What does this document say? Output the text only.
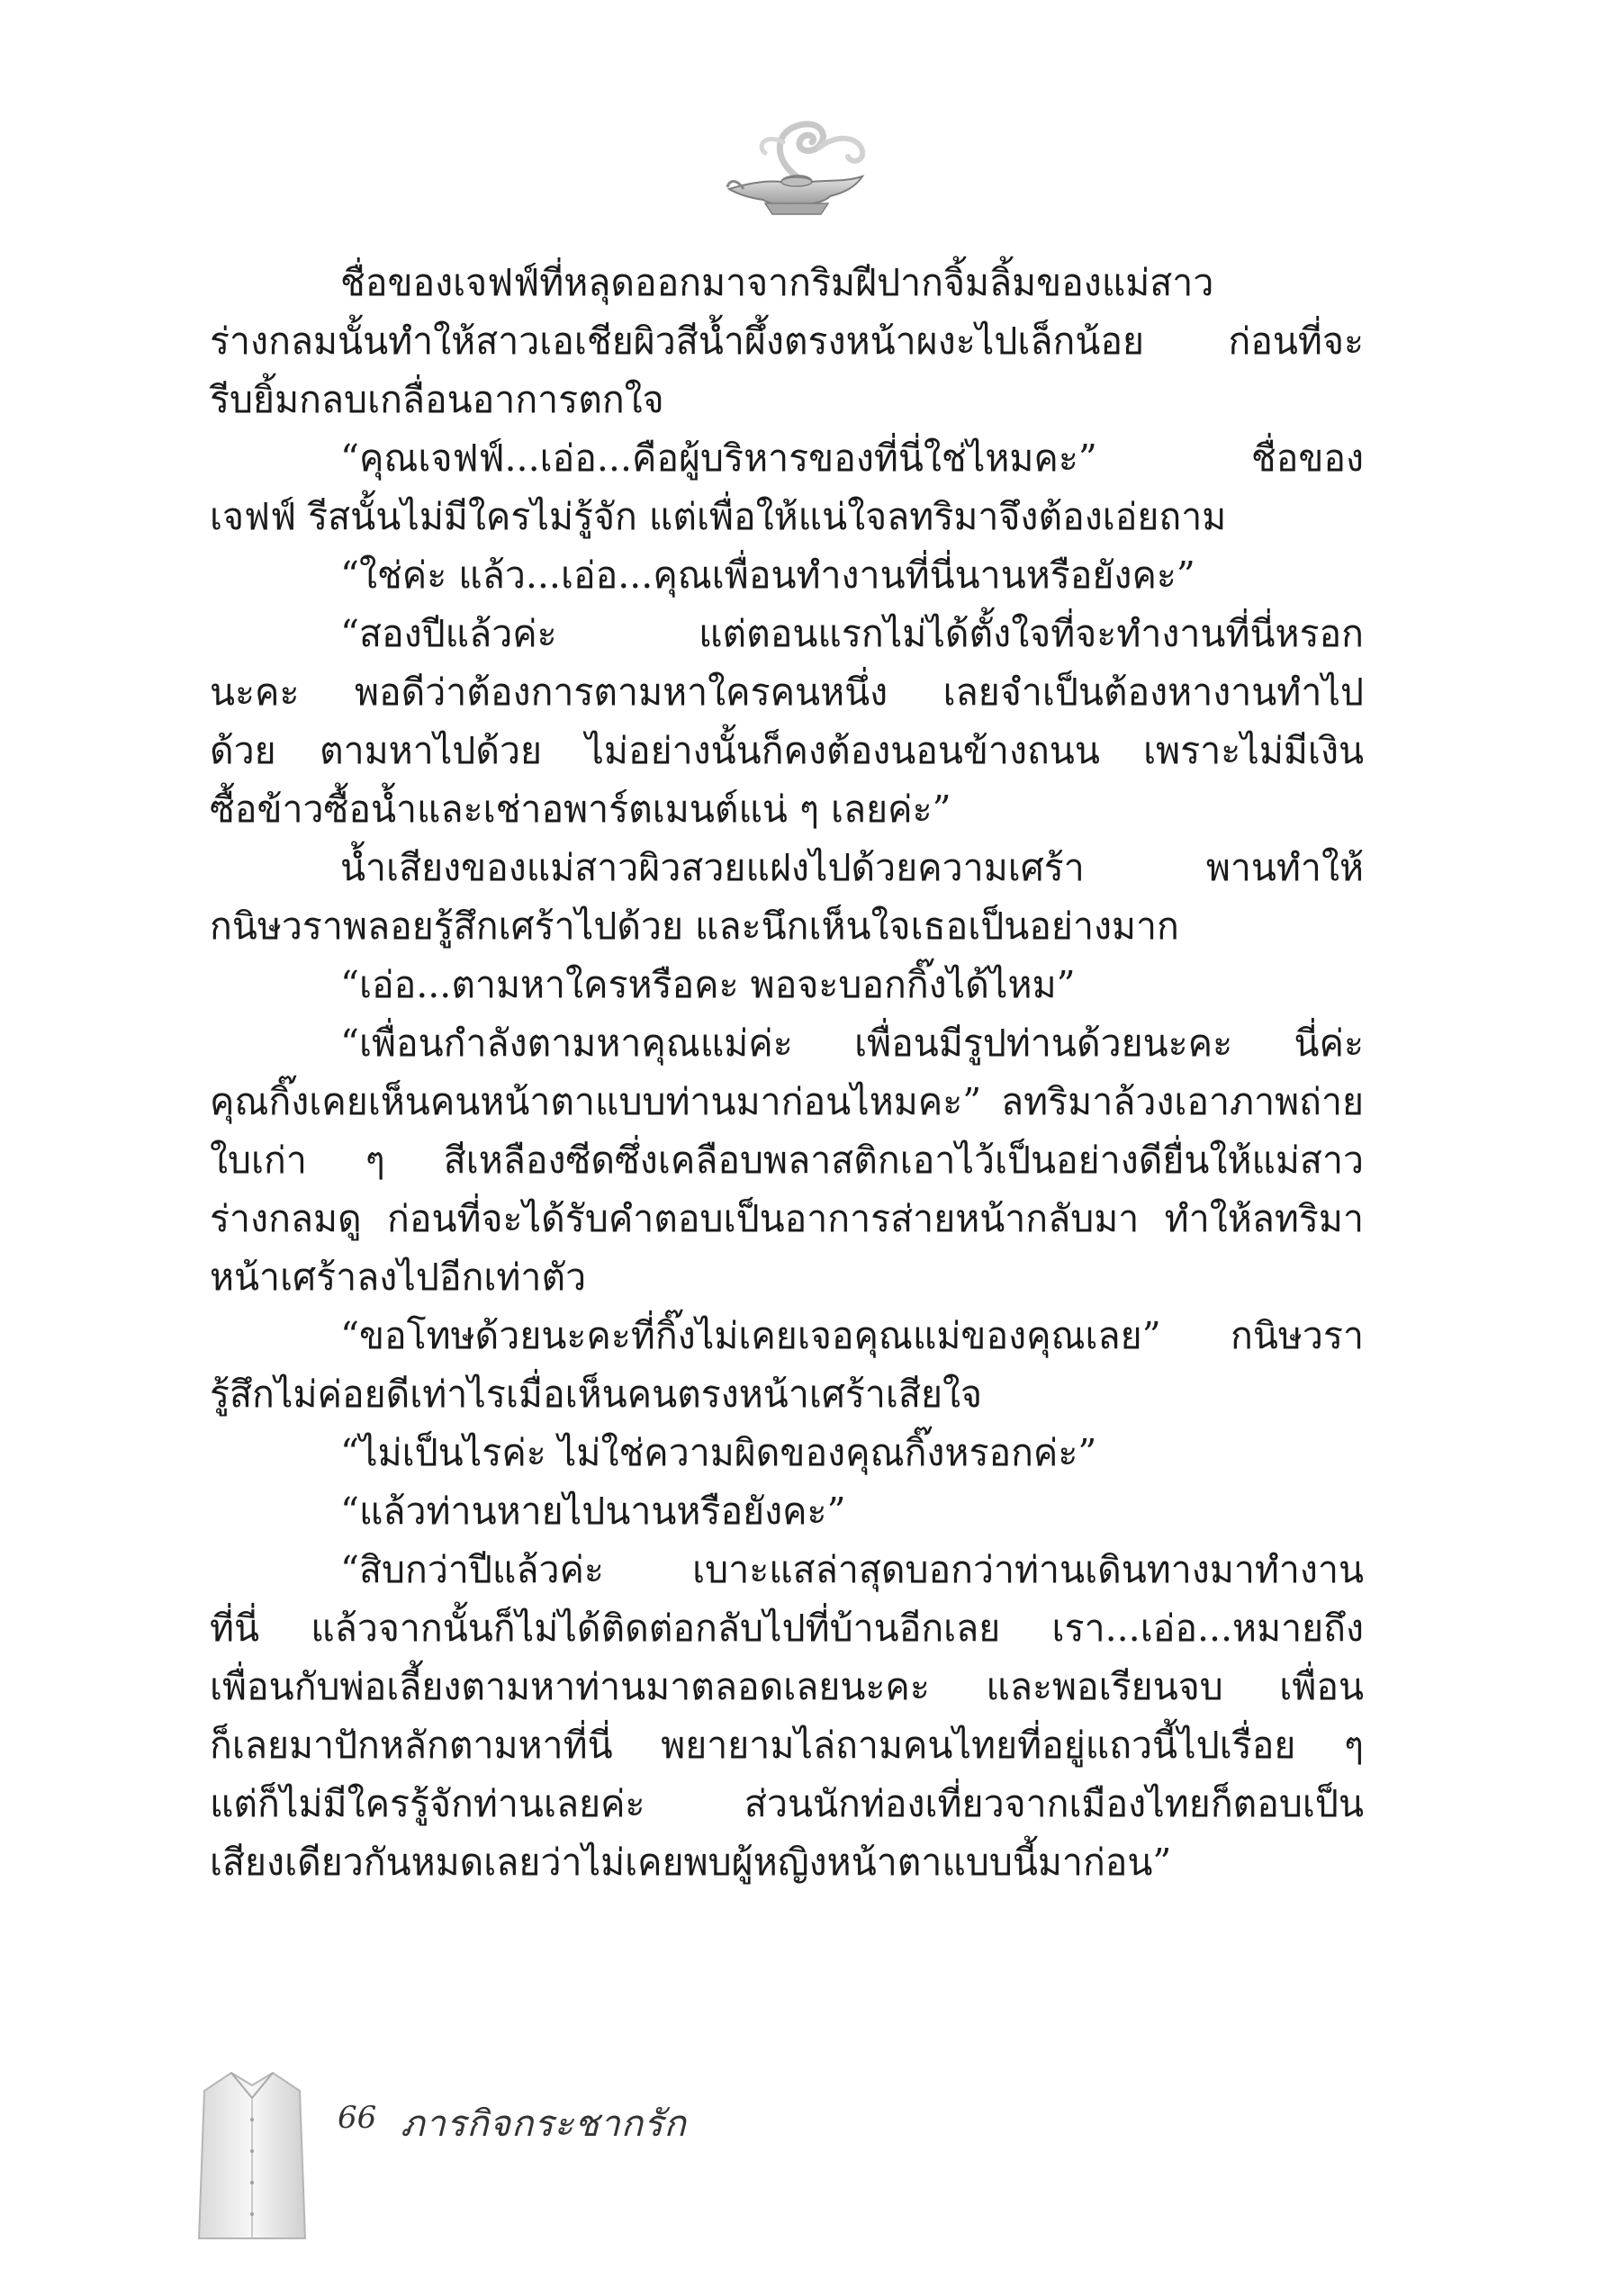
ชื่อของเจฟฟ์ที่หลุดออกมาจากริมฝีปากจิ้มลิ้มของแม่สาว

ร่างกลมนั้นทำให้สาวเอเชียผิวสีน้ำผึ้งตรงหน้าผงะไปเล็กน้อย ก่อนที่จะ

รีบยิ้มกลบเกลื่อนอาการตกใจ

“คุณเจฟฟ์...เอ่อ...คือผู้บริหารของที่นี่ใช่ไหมคะ” ชื่อของ

เจฟฟ์ รีสนั้นไม่มีใครไม่รู้จัก แต่เพื่อให้แน่ใจลทริมาจึงต้องเอ่ยถาม

“ใช่ค่ะ แล้ว...เอ่อ...คุณเพื่อนทำงานที่นี่นานหรือยังคะ”

“สองปีแล้วค่ะ แต่ตอนแรกไม่ได้ตั้งใจที่จะทำงานที่นี่หรอก

นะคะ พอดีว่าต้องการตามหาใครคนหนึ่ง เลยจำเป็นต้องหางานทำไป

ด้วย ตามหาไปด้วย ไม่อย่างนั้นก็คงต้องนอนข้างถนน เพราะไม่มีเงิน

ซื้อข้าวซื้อน้ำและเช่าอพาร์ตเมนต์แน่ ๆ เลยค่ะ”

น้ำเสียงของแม่สาวผิวสวยแฝงไปด้วยความเศร้า พานทำให้

กนิษวราพลอยรู้สึกเศร้าไปด้วย และนึกเห็นใจเธอเป็นอย่างมาก

“เอ่อ...ตามหาใครหรือคะ พอจะบอกกิ๊งได้ไหม”

“เพื่อนกำลังตามหาคุณแม่ค่ะ เพื่อนมีรูปท่านด้วยนะคะ นี่ค่ะ

คุณกิ๊งเคยเห็นคนหน้าตาแบบท่านมาก่อนไหมคะ” ลทริมาล้วงเอาภาพถ่าย

ใบเก่า ๆ สีเหลืองซีดซึ่งเคลือบพลาสติกเอาไว้เป็นอย่างดียื่นให้แม่สาว

ร่างกลมดู ก่อนที่จะได้รับคำตอบเป็นอาการส่ายหน้ากลับมา ทำให้ลทริมา

หน้าเศร้าลงไปอีกเท่าตัว

“ขอโทษด้วยนะคะที่กิ๊งไม่เคยเจอคุณแม่ของคุณเลย” กนิษวรา

รู้สึกไม่ค่อยดีเท่าไรเมื่อเห็นคนตรงหน้าเศร้าเสียใจ

“ไม่เป็นไรค่ะ ไม่ใช่ความผิดของคุณกิ๊งหรอกค่ะ”

“แล้วท่านหายไปนานหรือยังคะ”

“สิบกว่าปีแล้วค่ะ เบาะแสล่าสุดบอกว่าท่านเดินทางมาทำงาน

ที่นี่ แล้วจากนั้นก็ไม่ได้ติดต่อกลับไปที่บ้านอีกเลย เรา...เอ่อ...หมายถึง

เพื่อนกับพ่อเลี้ยงตามหาท่านมาตลอดเลยนะคะ และพอเรียนจบ เพื่อน

ก็เลยมาปักหลักตามหาที่นี่ พยายามไล่ถามคนไทยที่อยู่แถวนี้ไปเรื่อย ๆ

แต่ก็ไม่มีใครรู้จักท่านเลยค่ะ ส่วนนักท่องเที่ยวจากเมืองไทยก็ตอบเป็น

เสียงเดียวกันหมดเลยว่าไม่เคยพบผู้หญิงหน้าตาแบบนี้มาก่อน”

66 ภารกิจกระชากรัก
